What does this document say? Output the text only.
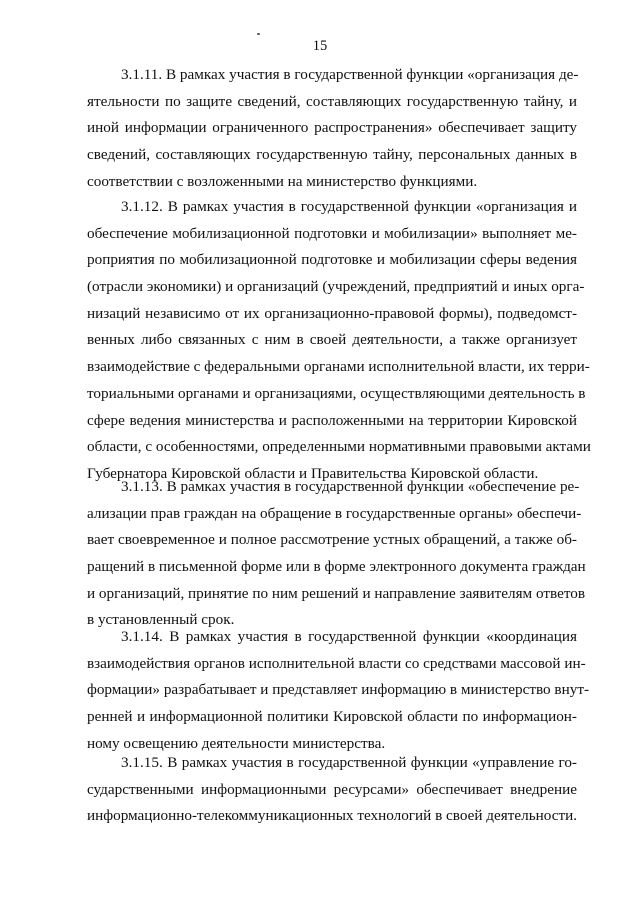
15
3.1.11. В рамках участия в государственной функции «организация де-
ятельности по защите сведений, составляющих государственную тайну, и
иной информации ограниченного распространения» обеспечивает защиту
сведений, составляющих государственную тайну, персональных данных в
соответствии с возложенными на министерство функциями.
3.1.12. В рамках участия в государственной функции «организация и
обеспечение мобилизационной подготовки и мобилизации» выполняет ме-
роприятия по мобилизационной подготовке и мобилизации сферы ведения
(отрасли экономики) и организаций (учреждений, предприятий и иных орга-
низаций независимо от их организационно-правовой формы), подведомст-
венных либо связанных с ним в своей деятельности, а также организует
взаимодействие с федеральными органами исполнительной власти, их терри-
ториальными органами и организациями, осуществляющими деятельность в
сфере ведения министерства и расположенными на территории Кировской
области, с особенностями, определенными нормативными правовыми актами
Губернатора Кировской области и Правительства Кировской области.
3.1.13. В рамках участия в государственной функции «обеспечение ре-
ализации прав граждан на обращение в государственные органы» обеспечи-
вает своевременное и полное рассмотрение устных обращений, а также об-
ращений в письменной форме или в форме электронного документа граждан
и организаций, принятие по ним решений и направление заявителям ответов
в установленный срок.
3.1.14. В рамках участия в государственной функции «координация
взаимодействия органов исполнительной власти со средствами массовой ин-
формации» разрабатывает и представляет информацию в министерство внут-
ренней и информационной политики Кировской области по информацион-
ному освещению деятельности министерства.
3.1.15. В рамках участия в государственной функции «управление го-
сударственными информационными ресурсами» обеспечивает внедрение
информационно-телекоммуникационных технологий в своей деятельности.
